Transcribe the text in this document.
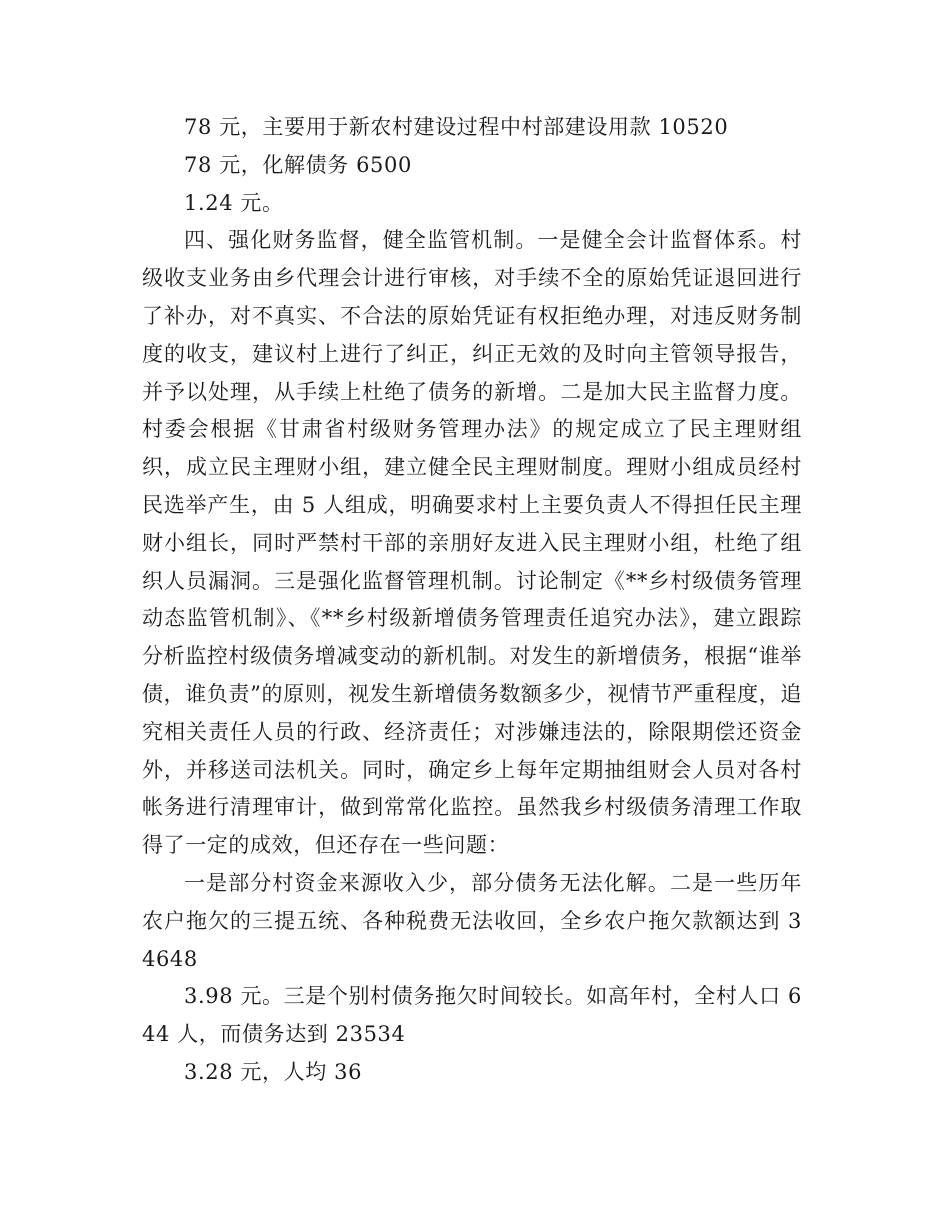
78 元，主要用于新农村建设过程中村部建设用款 10520

78 元，化解债务 6500

1.24 元。

四、强化财务监督，健全监管机制。一是健全会计监督体系。村级收支业务由乡代理会计进行审核，对手续不全的原始凭证退回进行了补办，对不真实、不合法的原始凭证有权拒绝办理，对违反财务制度的收支，建议村上进行了纠正，纠正无效的及时向主管领导报告，并予以处理，从手续上杜绝了债务的新增。二是加大民主监督力度。村委会根据《甘肃省村级财务管理办法》的规定成立了民主理财组织，成立民主理财小组，建立健全民主理财制度。理财小组成员经村民选举产生，由 5 人组成，明确要求村上主要负责人不得担任民主理财小组长，同时严禁村干部的亲朋好友进入民主理财小组，杜绝了组织人员漏洞。三是强化监督管理机制。讨论制定《**乡村级债务管理动态监管机制》、《**乡村级新增债务管理责任追究办法》，建立跟踪分析监控村级债务增减变动的新机制。对发生的新增债务，根据“谁举债，谁负责”的原则，视发生新增债务数额多少，视情节严重程度，追究相关责任人员的行政、经济责任；对涉嫌违法的，除限期偿还资金外，并移送司法机关。同时，确定乡上每年定期抽组财会人员对各村帐务进行清理审计，做到常常化监控。虽然我乡村级债务清理工作取得了一定的成效，但还存在一些问题：

一是部分村资金来源收入少，部分债务无法化解。二是一些历年农户拖欠的三提五统、各种税费无法收回，全乡农户拖欠款额达到 34648

3.98 元。三是个别村债务拖欠时间较长。如高年村，全村人口 644 人，而债务达到 23534

3.28 元，人均 36
